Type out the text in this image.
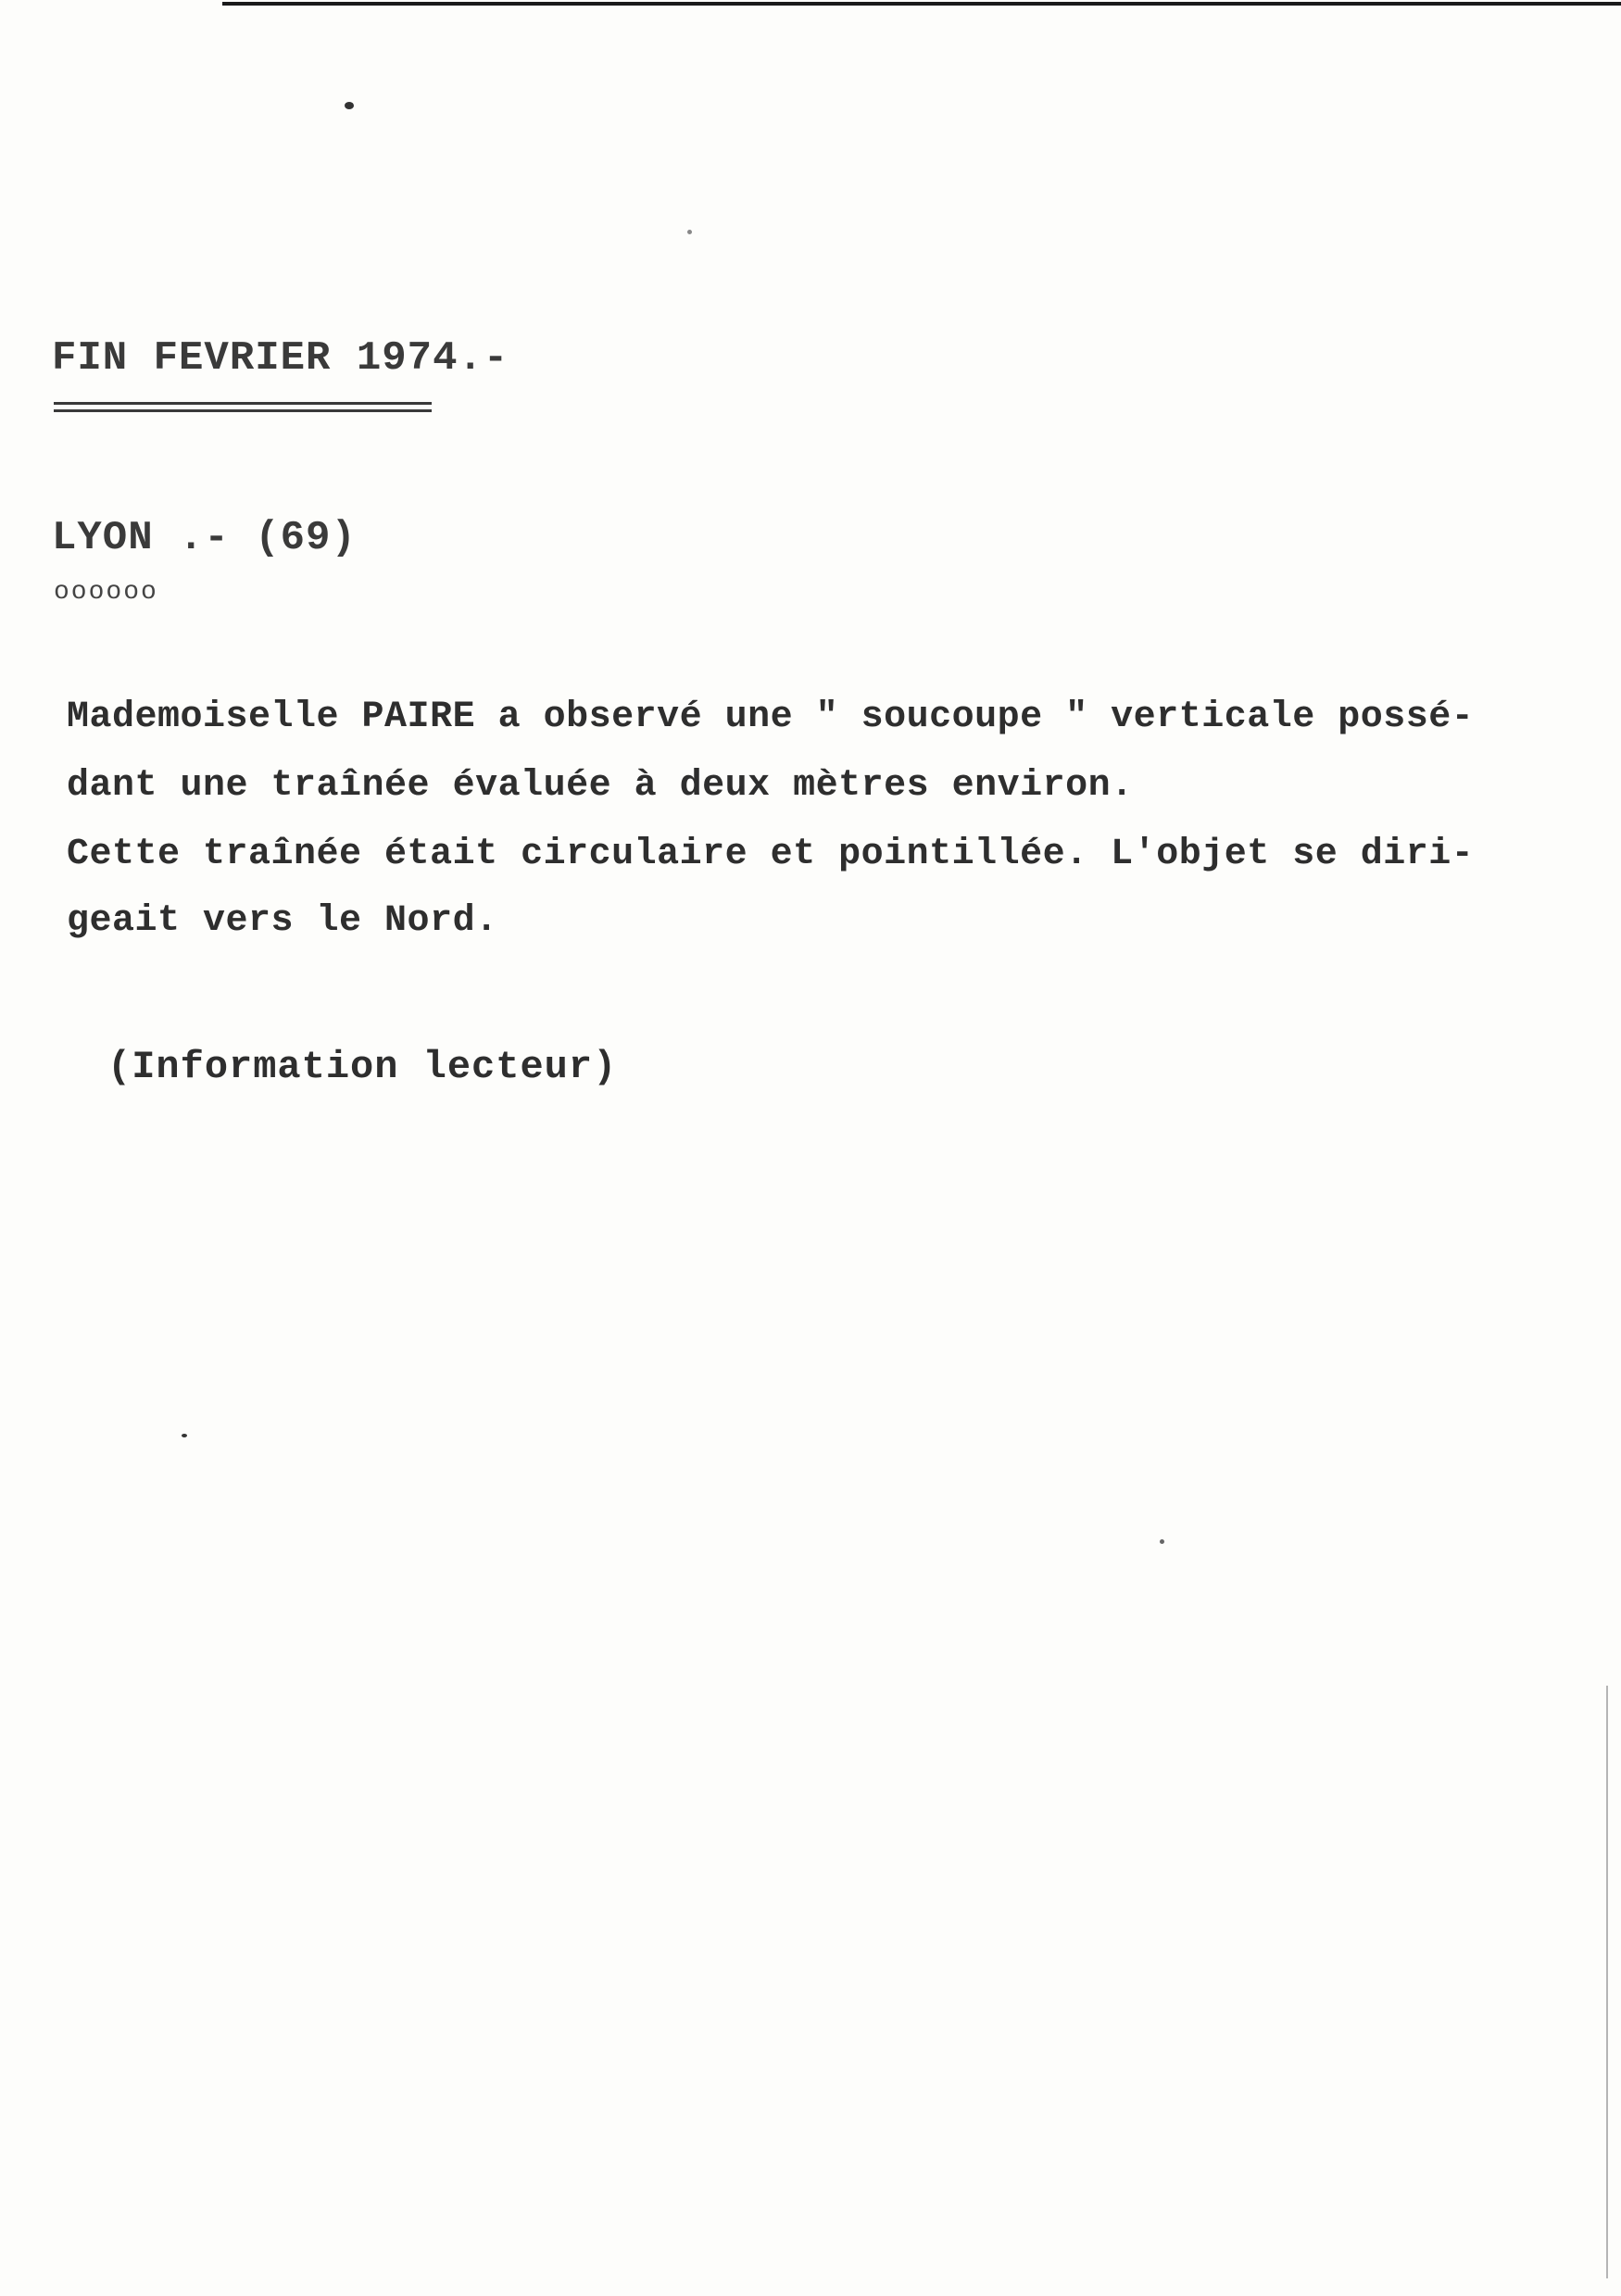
FIN FEVRIER 1974.-
LYON .- (69)
oooooo
Mademoiselle PAIRE a observé une " soucoupe " verticale possé-
dant une traînée évaluée à deux mètres environ.
Cette traînée était circulaire et pointillée. L'objet se diri-
geait vers le Nord.
(Information lecteur)
